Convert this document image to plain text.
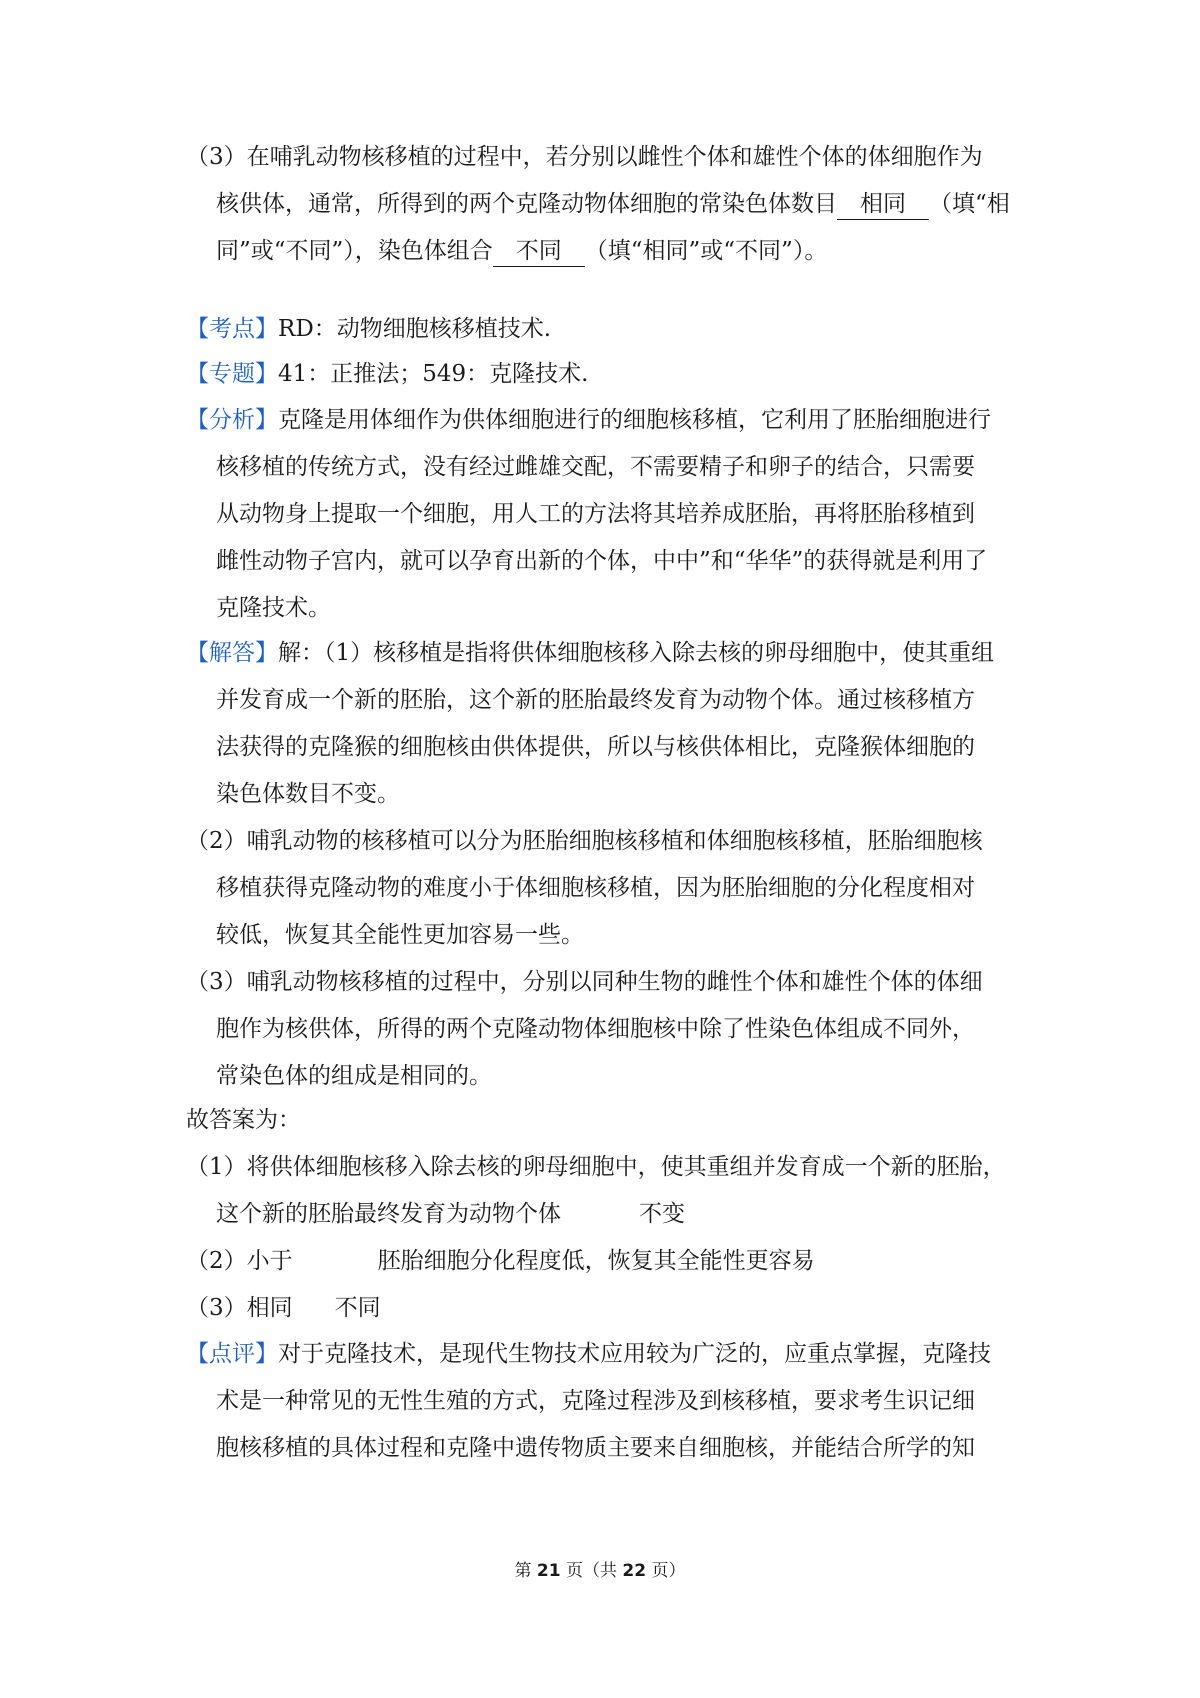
（3）在哺乳动物核移植的过程中，若分别以雌性个体和雄性个体的体细胞作为
核供体，通常，所得到的两个克隆动物体细胞的常染色体数目 相同 （填“相
同”或“不同”），染色体组合 不同 （填“相同”或“不同”）。
【考点】RD：动物细胞核移植技术.
【专题】41：正推法；549：克隆技术.
【分析】克隆是用体细作为供体细胞进行的细胞核移植，它利用了胚胎细胞进行
核移植的传统方式，没有经过雌雄交配，不需要精子和卵子的结合，只需要
从动物身上提取一个细胞，用人工的方法将其培养成胚胎，再将胚胎移植到
雌性动物子宫内，就可以孕育出新的个体，中中”和“华华”的获得就是利用了
克隆技术。
【解答】解：（1）核移植是指将供体细胞核移入除去核的卵母细胞中，使其重组
并发育成一个新的胚胎，这个新的胚胎最终发育为动物个体。通过核移植方
法获得的克隆猴的细胞核由供体提供，所以与核供体相比，克隆猴体细胞的
染色体数目不变。
（2）哺乳动物的核移植可以分为胚胎细胞核移植和体细胞核移植，胚胎细胞核
移植获得克隆动物的难度小于体细胞核移植，因为胚胎细胞的分化程度相对
较低，恢复其全能性更加容易一些。
（3）哺乳动物核移植的过程中，分别以同种生物的雌性个体和雄性个体的体细
胞作为核供体，所得的两个克隆动物体细胞核中除了性染色体组成不同外，
常染色体的组成是相同的。
故答案为：
（1）将供体细胞核移入除去核的卵母细胞中，使其重组并发育成一个新的胚胎，
这个新的胚胎最终发育为动物个体	不变
（2）小于	胚胎细胞分化程度低，恢复其全能性更容易
（3）相同 不同
【点评】对于克隆技术，是现代生物技术应用较为广泛的，应重点掌握，克隆技
术是一种常见的无性生殖的方式，克隆过程涉及到核移植，要求考生识记细
胞核移植的具体过程和克隆中遗传物质主要来自细胞核，并能结合所学的知
第 21 页（共 22 页）
